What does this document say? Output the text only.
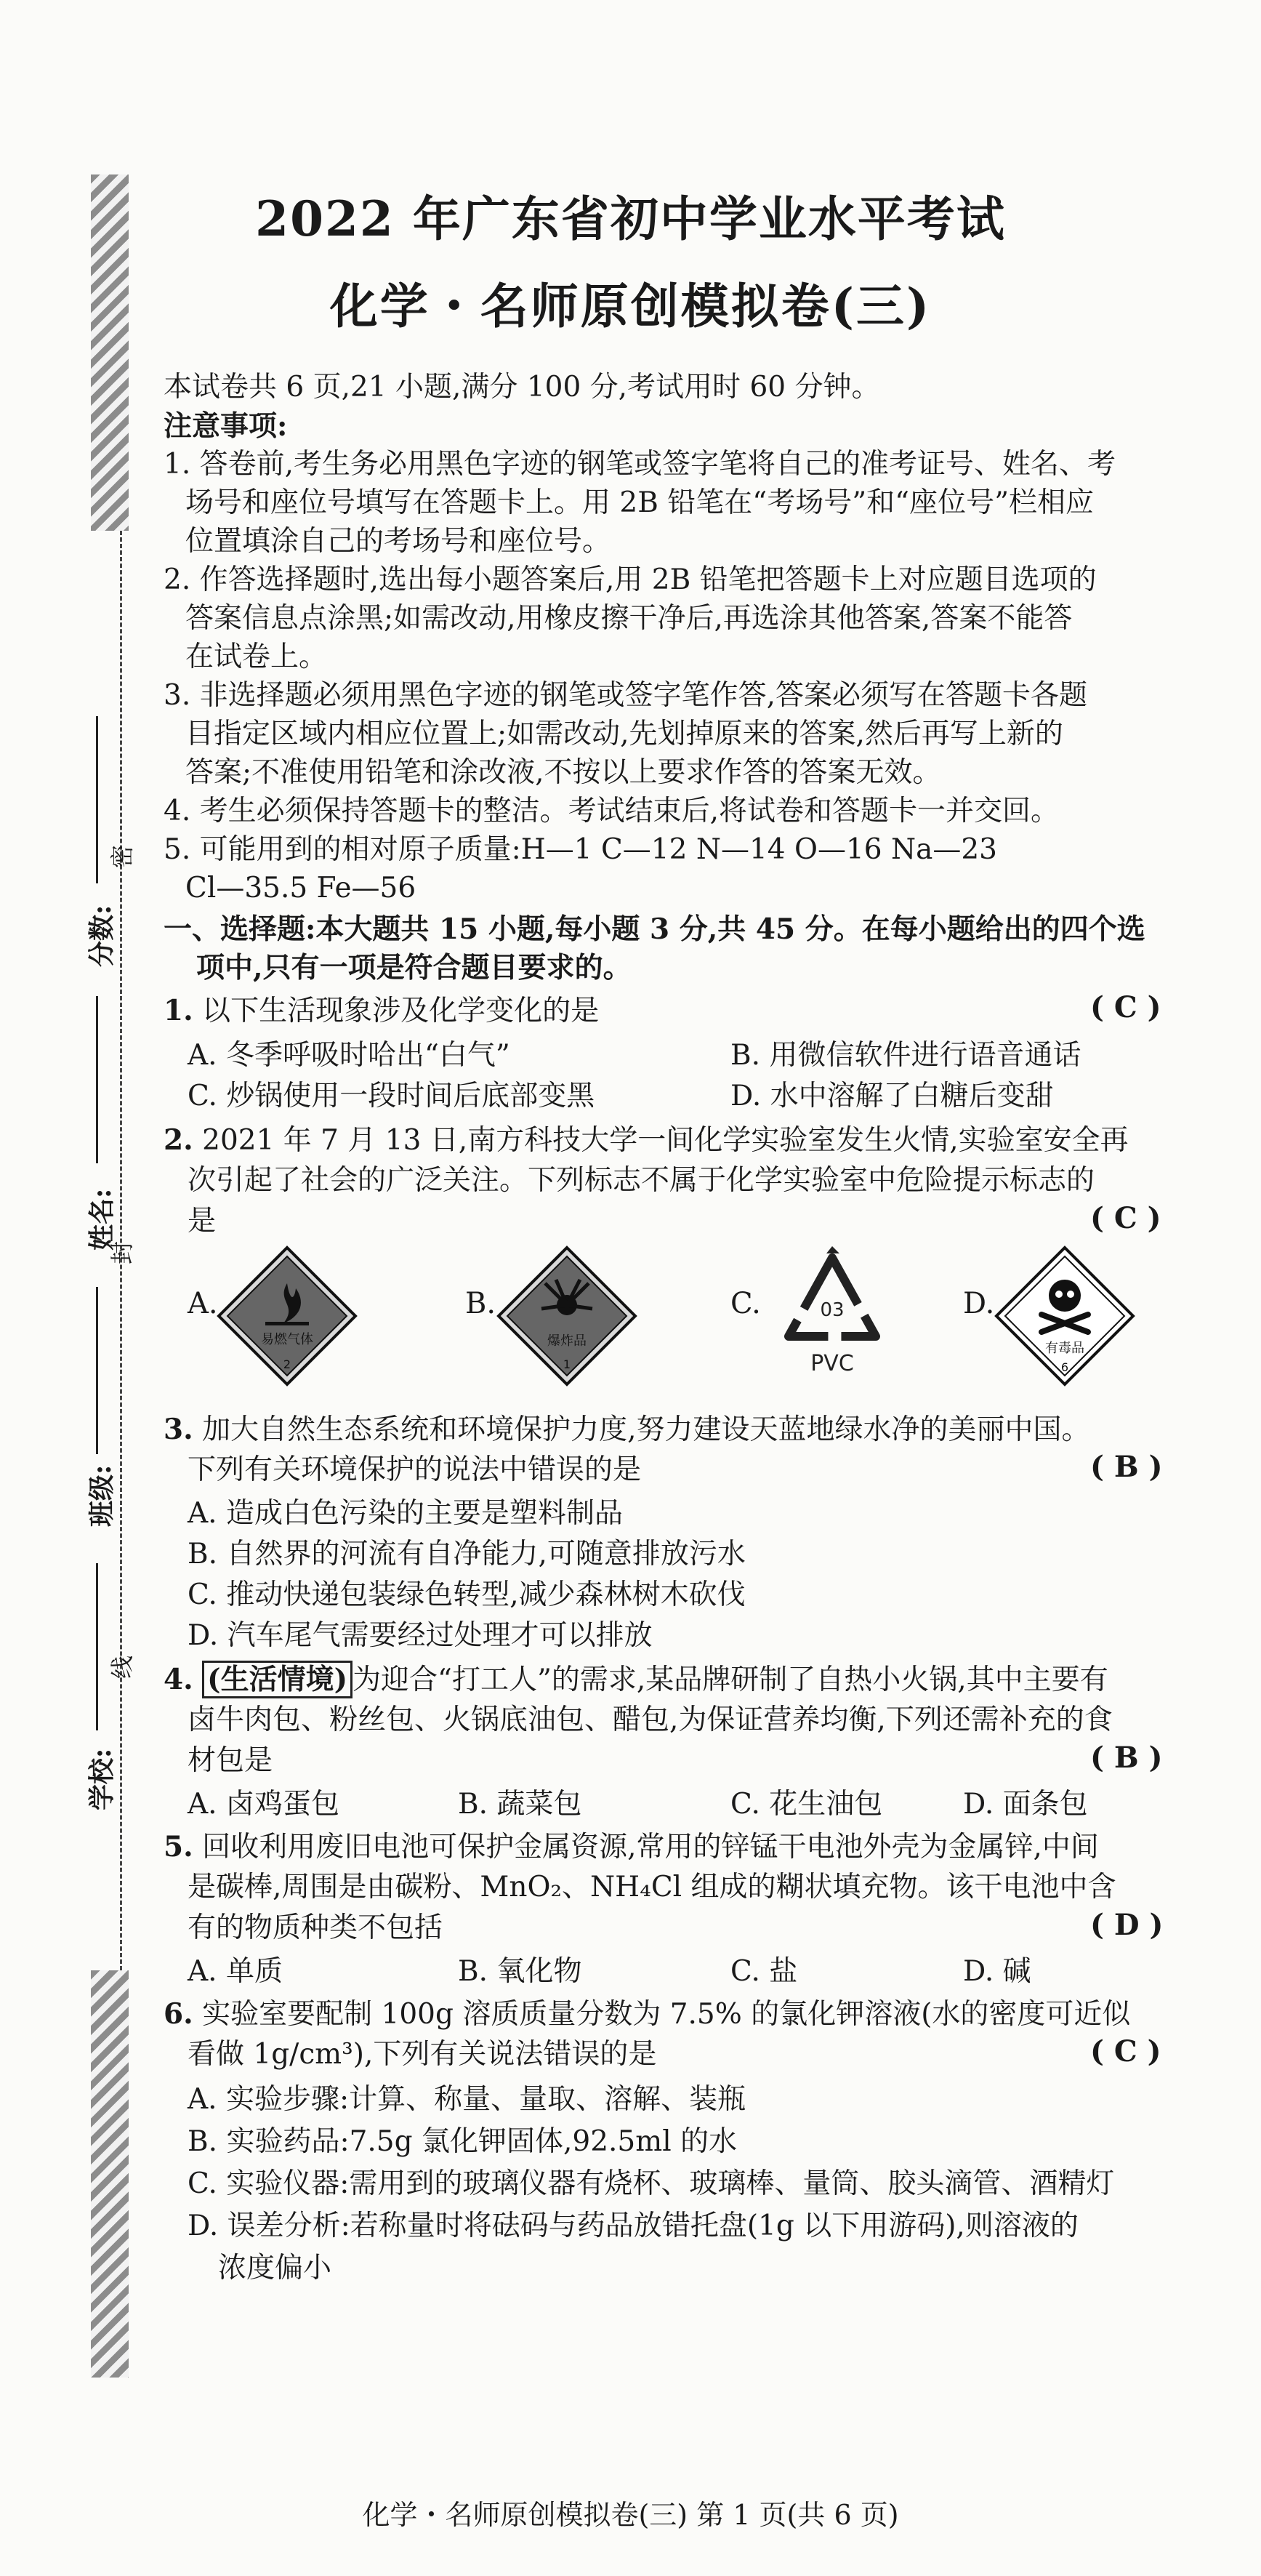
分数:
姓名:
班级:
学校:
密
封
线
2022 年广东省初中学业水平考试
化学・名师原创模拟卷(三)
本试卷共 6 页,21 小题,满分 100 分,考试用时 60 分钟。
注意事项:
1. 答卷前,考生务必用黑色字迹的钢笔或签字笔将自己的准考证号、姓名、考
场号和座位号填写在答题卡上。用 2B 铅笔在“考场号”和“座位号”栏相应
位置填涂自己的考场号和座位号。
2. 作答选择题时,选出每小题答案后,用 2B 铅笔把答题卡上对应题目选项的
答案信息点涂黑;如需改动,用橡皮擦干净后,再选涂其他答案,答案不能答
在试卷上。
3. 非选择题必须用黑色字迹的钢笔或签字笔作答,答案必须写在答题卡各题
目指定区域内相应位置上;如需改动,先划掉原来的答案,然后再写上新的
答案;不准使用铅笔和涂改液,不按以上要求作答的答案无效。
4. 考生必须保持答题卡的整洁。考试结束后,将试卷和答题卡一并交回。
5. 可能用到的相对原子质量:H—1 C—12 N—14 O—16 Na—23
Cl—35.5 Fe—56
一、选择题:本大题共 15 小题,每小题 3 分,共 45 分。在每小题给出的四个选
项中,只有一项是符合题目要求的。
1. 以下生活现象涉及化学变化的是	( C )
A. 冬季呼吸时哈出“白气”	B. 用微信软件进行语音通话
C. 炒锅使用一段时间后底部变黑	D. 水中溶解了白糖后变甜
2. 2021 年 7 月 13 日,南方科技大学一间化学实验室发生火情,实验室安全再
次引起了社会的广泛关注。下列标志不属于化学实验室中危险提示标志的
是	( C )
A.
易燃气体
2
B.
爆炸品
1
C.	03
PVC
D.
有毒品
6
3. 加大自然生态系统和环境保护力度,努力建设天蓝地绿水净的美丽中国。
下列有关环境保护的说法中错误的是	( B )
A. 造成白色污染的主要是塑料制品
B. 自然界的河流有自净能力,可随意排放污水
C. 推动快递包装绿色转型,减少森林树木砍伐
D. 汽车尾气需要经过处理才可以排放
4. (生活情境) 为迎合“打工人”的需求,某品牌研制了自热小火锅,其中主要有
卤牛肉包、粉丝包、火锅底油包、醋包,为保证营养均衡,下列还需补充的食
材包是	( B )
A. 卤鸡蛋包	B. 蔬菜包	C. 花生油包	D. 面条包
5. 回收利用废旧电池可保护金属资源,常用的锌锰干电池外壳为金属锌,中间
是碳棒,周围是由碳粉、MnO₂、NH₄Cl 组成的糊状填充物。该干电池中含
有的物质种类不包括	( D )
A. 单质	B. 氧化物	C. 盐	D. 碱
6. 实验室要配制 100g 溶质质量分数为 7.5% 的氯化钾溶液(水的密度可近似
看做 1g/cm³),下列有关说法错误的是	( C )
A. 实验步骤:计算、称量、量取、溶解、装瓶
B. 实验药品:7.5g 氯化钾固体,92.5ml 的水
C. 实验仪器:需用到的玻璃仪器有烧杯、玻璃棒、量筒、胶头滴管、酒精灯
D. 误差分析:若称量时将砝码与药品放错托盘(1g 以下用游码),则溶液的
浓度偏小
化学・名师原创模拟卷(三) 第 1 页(共 6 页)
